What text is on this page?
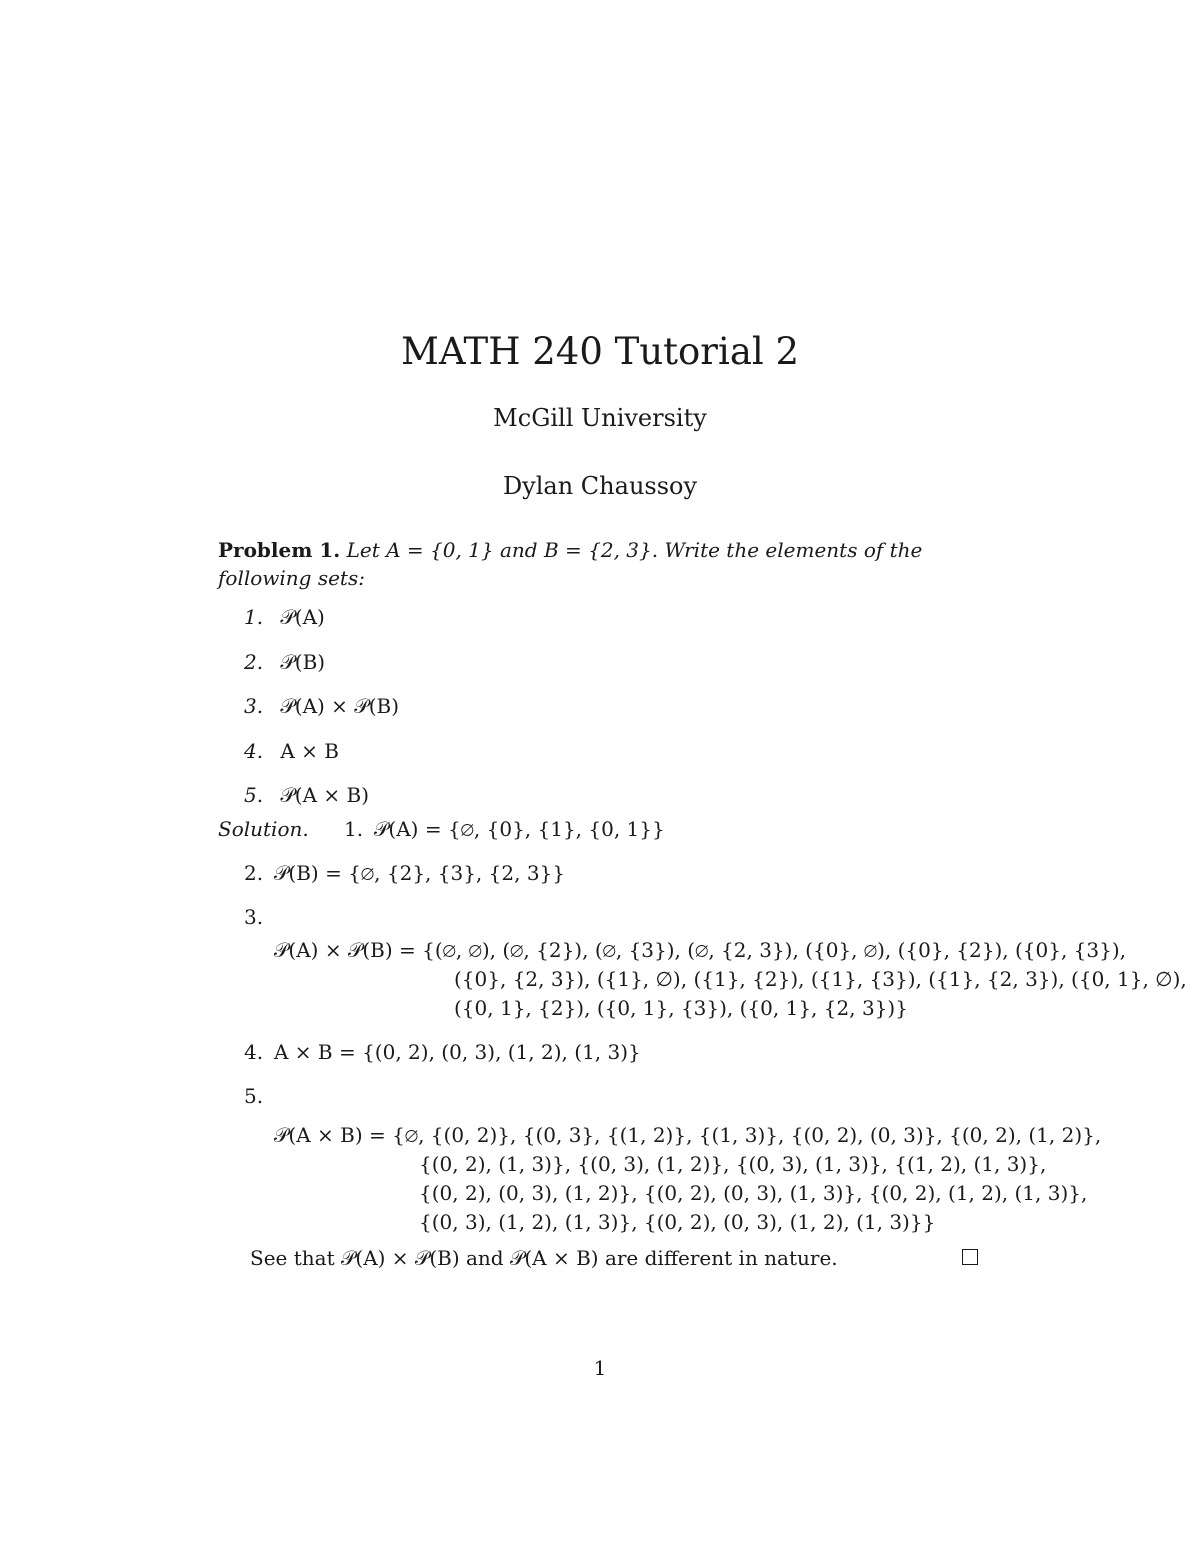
MATH 240 Tutorial 2
McGill University
Dylan Chaussoy
Problem 1. Let A = {0, 1} and B = {2, 3}. Write the elements of the following sets:
1. 𝒫(A)
2. 𝒫(B)
3. 𝒫(A) × 𝒫(B)
4. A × B
5. 𝒫(A × B)
Solution. 1. 𝒫(A) = {∅, {0}, {1}, {0, 1}}
2. 𝒫(B) = {∅, {2}, {3}, {2, 3}}
3.
𝒫(A) × 𝒫(B) = {(∅, ∅), (∅, {2}), (∅, {3}), (∅, {2, 3}), ({0}, ∅), ({0}, {2}), ({0}, {3}),
({0}, {2, 3}), ({1}, ∅), ({1}, {2}), ({1}, {3}), ({1}, {2, 3}), ({0, 1}, ∅),
({0, 1}, {2}), ({0, 1}, {3}), ({0, 1}, {2, 3})}
4. A × B = {(0, 2), (0, 3), (1, 2), (1, 3)}
5.
𝒫(A × B) = {∅, {(0, 2)}, {(0, 3}, {(1, 2)}, {(1, 3)}, {(0, 2), (0, 3)}, {(0, 2), (1, 2)},
{(0, 2), (1, 3)}, {(0, 3), (1, 2)}, {(0, 3), (1, 3)}, {(1, 2), (1, 3)},
{(0, 2), (0, 3), (1, 2)}, {(0, 2), (0, 3), (1, 3)}, {(0, 2), (1, 2), (1, 3)},
{(0, 3), (1, 2), (1, 3)}, {(0, 2), (0, 3), (1, 2), (1, 3)}}
See that 𝒫(A) × 𝒫(B) and 𝒫(A × B) are different in nature.
1
